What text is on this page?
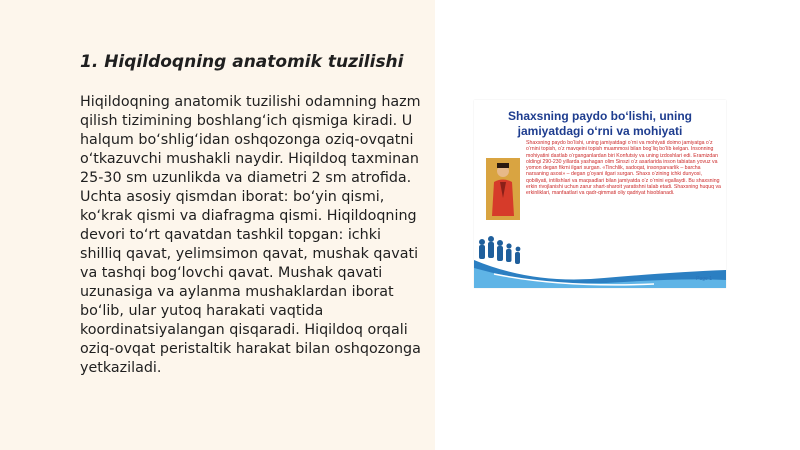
1. Hiqildoqning anatomik tuzilishi

Hiqildoqning anatomik tuzilishi odamning hazm qilish tizimining boshlang‘ich qismiga kiradi. U halqum bo‘shlig‘idan oshqozonga oziq-ovqatni o‘tkazuvchi mushakli naydir. Hiqildoq taxminan 25-30 sm uzunlikda va diametri 2 sm atrofida. Uchta asosiy qismdan iborat: bo‘yin qismi, ko‘krak qismi va diafragma qismi. Hiqildoqning devori to‘rt qavatdan tashkil topgan: ichki shilliq qavat, yelimsimon qavat, mushak qavati va tashqi bog‘lovchi qavat. Mushak qavati uzunasiga va aylanma mushaklardan iborat bo‘lib, ular yutoq harakati vaqtida koordinatsiyalangan qisqaradi. Hiqildoq orqali oziq-ovqat peristaltik harakat bilan oshqozonga yetkaziladi.

Shaxsning paydo bo‘lishi, uning jamiyatdagi o‘rni va mohiyati

Shaxsning paydo bo‘lishi, uning jamiyatdagi o‘rni va mohiyati doimo jamiyatga o‘z o‘rnini topish, o‘z mavqeini topish muammosi bilan bog‘liq bo‘lib kelgan. Insonning mohiyatini dastlab o‘rganganlardan biri Konfutsiy va uning izdoshlari edi. Eramizdan oldingi 290-230 yillarda yashagan olim Sinszi o‘z asarlarida inson tabiatan yovuz va yomon degan fikrni ilgari surgan. «Tinchlik, sadoqat, insonparvarlik – barcha narsaning asosi» – degan g‘oyani ilgari surgan. Shaxs o‘zining ichki dunyosi, qobiliyati, intilishlari va maqsadlari bilan jamiyatda o‘z o‘rnini egallaydi. Bu shaxsning erkin rivojlanishi uchun zarur shart-sharoit yaratishni talab etadi. Shaxsning huquq va erkinliklari, manfaatlari va qadr-qimmati oliy qadriyat hisoblanadi.

Page 1
